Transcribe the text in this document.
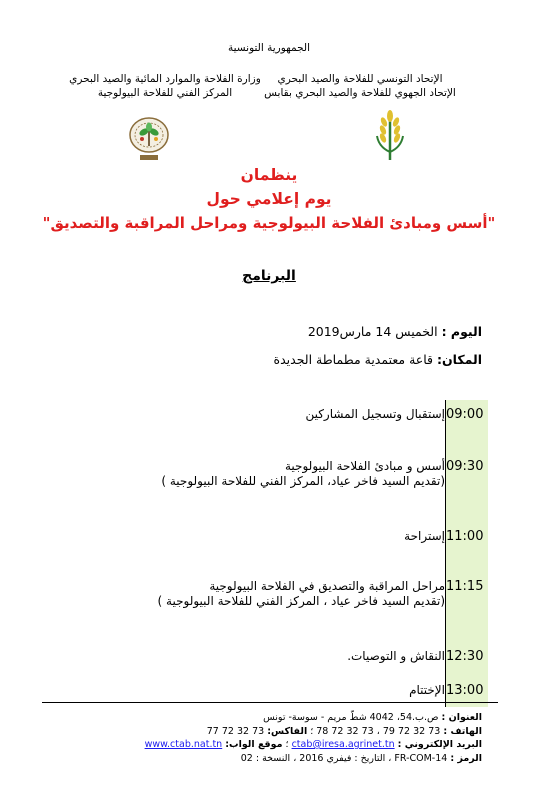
الجمهورية التونسية
الإتحاد التونسي للفلاحة والصيد البحري
الإتحاد الجهوي للفلاحة والصيد البحري بقابس
وزارة الفلاحة والموارد المائية والصيد البحري
المركز الفني للفلاحة البيولوجية
ينظمان
يوم إعلامي حول
"أسس ومبادئ الفلاحة البيولوجية ومراحل المراقبة والتصديق"
البرنامج
اليوم : الخميس 14 مارس2019
المكان: قاعة معتمدية مطماطة الجديدة
09:00	إستقبال وتسجيل المشاركين

09:30	أسس و مبادئ الفلاحة البيولوجية
(تقديم السيد فاخر عياد، المركز الفني للفلاحة البيولوجية )

11:00	إستراحة

11:15	مراحل المراقبة والتصديق في الفلاحة البيولوجية
(تقديم السيد فاخر عياد ، المركز الفني للفلاحة البيولوجية )

12:30	النقاش و التوصيات.

13:00	الإختتام
العنوان : ص.ب.54، 4042 شطّ مريم - سوسة- تونس
الهاتف : 73 32 72 79 ، 73 32 72 78 ؛ الفاكس: 73 32 72 77
البريد الإلكتروني : ctab@iresa.agrinet.tn ؛ موقع الواب: www.ctab.nat.tn
الرمز : FR-COM-14 ، التاريخ : فيفري 2016 ، النسخة : 02
